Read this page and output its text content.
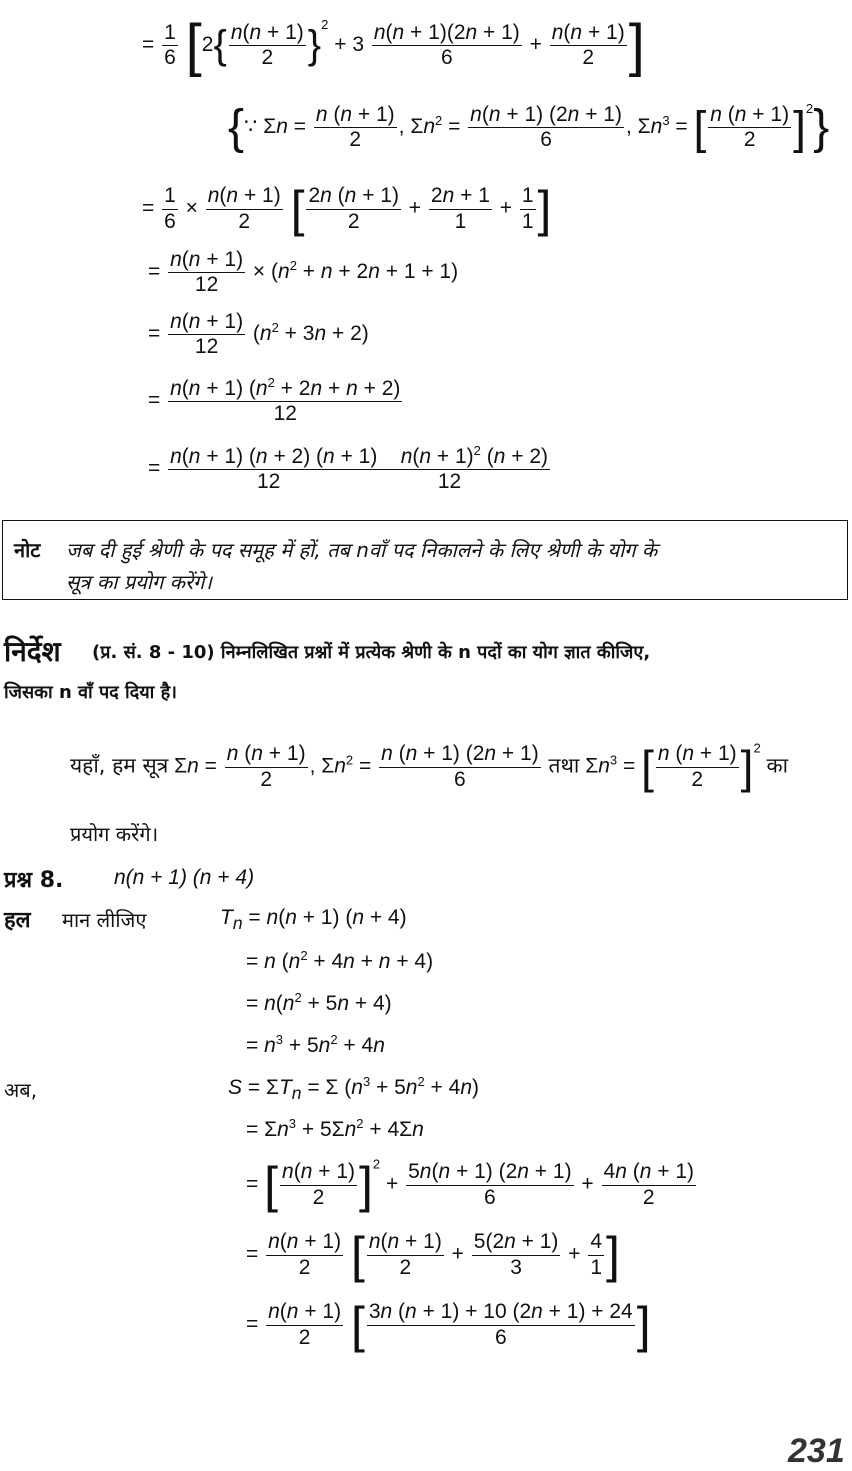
= $\frac{1}{6} [2\{ \frac{n(n + 1)}{2} \}^2 + 3 \frac{n(n + 1)(2n + 1)}{6} + \frac{n(n + 1)}{2}$ ]
{∵ $\Sigma n = \frac{n (n + 1)}{2}$ , $\Sigma n^2 = \frac{n(n + 1) (2n + 1)}{6}$ , $\Sigma n^3$ = [ $\frac{n (n + 1)}{2} ]^2$}
= $\frac{1}{6} \times \frac{n(n + 1)}{2}$ [ $\frac{2n (n + 1)}{2} + \frac{2n + 1}{1} + \frac{1}{1}$ ]
= $\frac{n(n + 1)}{12} \times (n^2 + n + 2n + 1 + 1)$
= $\frac{n(n + 1)}{12} (n^2 + 3n + 2)$
= $\frac{n(n + 1) (n^2 + 2n + n + 2)}{12}$
= $\frac{n(n + 1) (n + 2) (n + 1) n(n + 1)^2 (n + 2)}{12 12}$
नोट जब दी हुई श्रेणी के पद समूह में हों, तब nवाँ पद निकालने के लिए श्रेणी के योग के
सूत्र का प्रयोग करेंगे।
निर्देश (प्र. सं. 8 - 10) निम्नलिखित प्रश्नों में प्रत्येक श्रेणी के n पदों का योग ज्ञात कीजिए,
जिसका n वाँ पद दिया है।
यहाँ, हम सूत्र $\Sigma n = \frac{n (n + 1)}{2}$ , $\Sigma n^2 = \frac{n (n + 1) (2n + 1)}{6}$ तथा $\Sigma n^3$ = [ $\frac{n (n + 1)}{2} ]^2$ का
प्रयोग करेंगे।
प्रश्न 8. n(n + 1) (n + 4)
हल मान लीजिए	$T_n = n(n + 1) (n + 4)$
= n $(n^2 + 4n + n + 4)$
= $n(n^2 + 5n + 4)$
= $n^3 + 5n^2 + 4n$
अब,	$S = \Sigma T_n = \Sigma$ $(n^3 + 5n^2 + 4n)$
= $\Sigma n^3 + 5\Sigma n^2 + 4\Sigma n$
= [ $\frac{n(n + 1)}{2} ]^2 + \frac{5n(n + 1) (2n + 1)}{6} + \frac{4n (n + 1)}{2}$
= $\frac{n(n + 1)}{2}$ [ $\frac{n(n + 1)}{2} + \frac{5(2n + 1)}{3} + \frac{4}{1}$ ]
= $\frac{n(n + 1)}{2}$ [ $\frac{3n (n + 1) + 10 (2n + 1) + 24}{6}$ ]
231
